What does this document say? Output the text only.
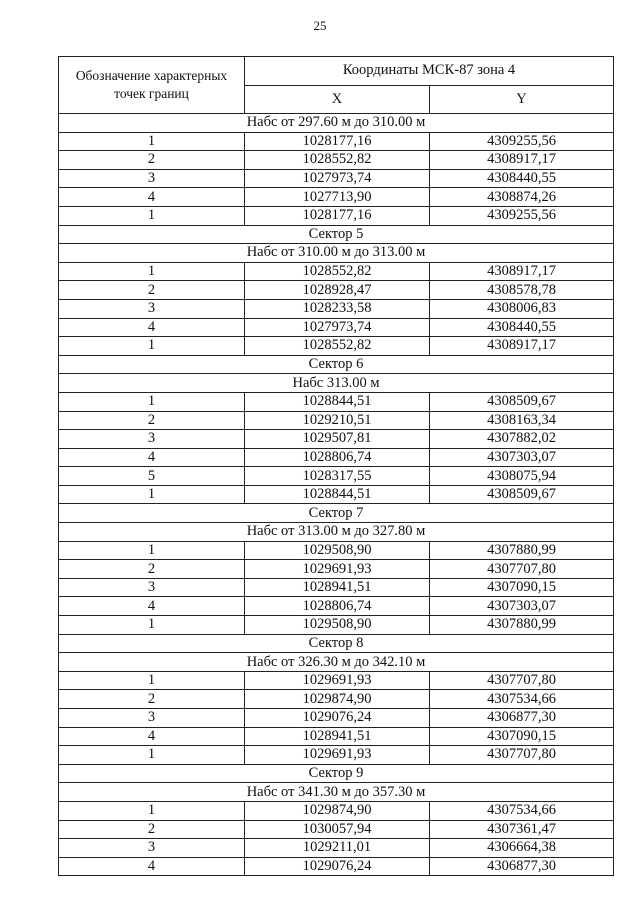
25
Обозначение характерных точек границ	Координаты МСК-87 зона 4	
	X	Y
Набс от 297.60 м до 310.00 м		
1	1028177,16	4309255,56
2	1028552,82	4308917,17
3	1027973,74	4308440,55
4	1027713,90	4308874,26
1	1028177,16	4309255,56
Сектор 5		
Набс от 310.00 м до 313.00 м		
1	1028552,82	4308917,17
2	1028928,47	4308578,78
3	1028233,58	4308006,83
4	1027973,74	4308440,55
1	1028552,82	4308917,17
Сектор 6		
Набс 313.00 м		
1	1028844,51	4308509,67
2	1029210,51	4308163,34
3	1029507,81	4307882,02
4	1028806,74	4307303,07
5	1028317,55	4308075,94
1	1028844,51	4308509,67
Сектор 7		
Набс от 313.00 м до 327.80 м		
1	1029508,90	4307880,99
2	1029691,93	4307707,80
3	1028941,51	4307090,15
4	1028806,74	4307303,07
1	1029508,90	4307880,99
Сектор 8		
Набс от 326.30 м до 342.10 м		
1	1029691,93	4307707,80
2	1029874,90	4307534,66
3	1029076,24	4306877,30
4	1028941,51	4307090,15
1	1029691,93	4307707,80
Сектор 9		
Набс от 341.30 м до 357.30 м		
1	1029874,90	4307534,66
2	1030057,94	4307361,47
3	1029211,01	4306664,38
4	1029076,24	4306877,30
